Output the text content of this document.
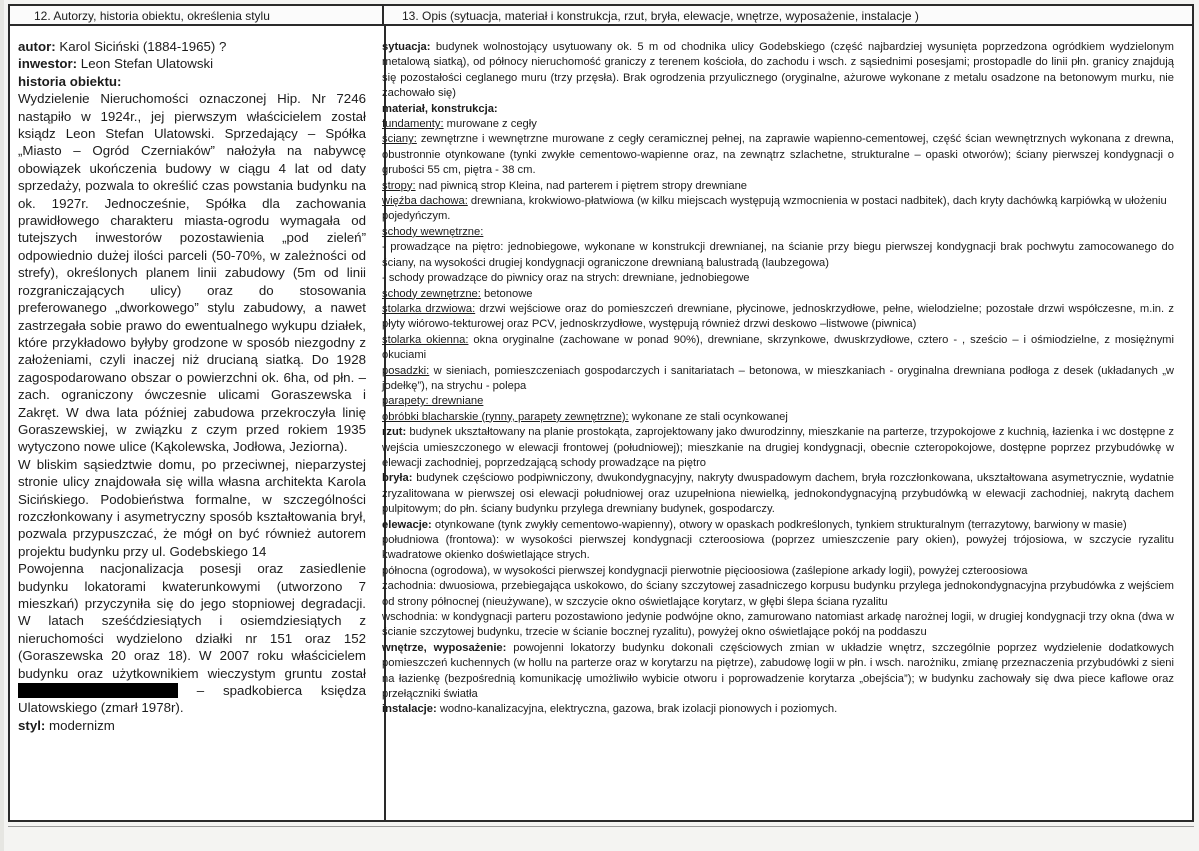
12. Autorzy, historia obiektu, określenia stylu	13. Opis (sytuacja, materiał i konstrukcja, rzut, bryła, elewacje, wnętrze, wyposażenie, instalacje )

autor: Karol Siciński (1884-1965) ?

inwestor: Leon Stefan Ulatowski

historia obiektu:

Wydzielenie Nieruchomości oznaczonej Hip. Nr 7246 nastąpiło w 1924r., jej pierwszym właścicielem został ksiądz Leon Stefan Ulatowski. Sprzedający – Spółka „Miasto – Ogród Czerniaków” nałożyła na nabywcę obowiązek ukończenia budowy w ciągu 4 lat od daty sprzedaży, pozwala to określić czas powstania budynku na ok. 1927r. Jednocześnie, Spółka dla zachowania prawidłowego charakteru miasta-ogrodu wymagała od tutejszych inwestorów pozostawienia „pod zieleń” odpowiednio dużej ilości parceli (50-70%, w zależności od strefy), określonych planem linii zabudowy (5m od linii rozgraniczających ulicy) oraz do stosowania preferowanego „dworkowego” stylu zabudowy, a nawet zastrzegała sobie prawo do ewentualnego wykupu działek, które przykładowo byłyby grodzone w sposób niezgodny z założeniami, czyli inaczej niż drucianą siatką. Do 1928 zagospodarowano obszar o powierzchni ok. 6ha, od płn. – zach. ograniczony ówczesnie ulicami Goraszewska i Zakręt. W dwa lata później zabudowa przekroczyła linię Goraszewskiej, w związku z czym przed rokiem 1935 wytyczono nowe ulice (Kąkolewska, Jodłowa, Jeziorna).

W bliskim sąsiedztwie domu, po przeciwnej, nieparzystej stronie ulicy znajdowała się willa własna architekta Karola Sicińskiego. Podobieństwa formalne, w szczególności rozczłonkowany i asymetryczny sposób kształtowania brył, pozwala przypuszczać, że mógł on być również autorem projektu budynku przy ul. Godebskiego 14

Powojenna nacjonalizacja posesji oraz zasiedlenie budynku lokatorami kwaterunkowymi (utworzono 7 mieszkań) przyczyniła się do jego stopniowej degradacji. W latach sześćdziesiątych i osiemdziesiątych z nieruchomości wydzielono działki nr 151 oraz 152 (Goraszewska 20 oraz 18). W 2007 roku właścicielem budynku oraz użytkownikiem wieczystym gruntu został  – spadkobierca księdza Ulatowskiego (zmarł 1978r).

styl: modernizm

sytuacja: budynek wolnostojący usytuowany ok. 5 m od chodnika ulicy Godebskiego (część najbardziej wysunięta poprzedzona ogródkiem wydzielonym metalową siatką), od północy nieruchomość graniczy z terenem kościoła, do zachodu i wsch. z sąsiednimi posesjami; prostopadle do linii płn. granicy znajdują się pozostałości ceglanego muru (trzy przęsła). Brak ogrodzenia przyulicznego (oryginalne, ażurowe wykonane z metalu osadzone na betonowym murku, nie zachowało się)

materiał, konstrukcja:

fundamenty: murowane z cegły

ściany: zewnętrzne i wewnętrzne murowane z cegły ceramicznej pełnej, na zaprawie wapienno-cementowej, część ścian wewnętrznych wykonana z drewna, obustronnie otynkowane (tynki zwykłe cementowo-wapienne oraz, na zewnątrz szlachetne, strukturalne – opaski otworów); ściany pierwszej kondygnacji o grubości 55 cm, piętra - 38 cm.

stropy: nad piwnicą strop Kleina, nad parterem i piętrem stropy drewniane

więźba dachowa: drewniana, krokwiowo-płatwiowa (w kilku miejscach występują wzmocnienia w postaci nadbitek), dach kryty dachówką karpiówką w ułożeniu pojedyńczym.

schody wewnętrzne:

- prowadzące na piętro: jednobiegowe, wykonane w konstrukcji drewnianej, na ścianie przy biegu pierwszej kondygnacji brak pochwytu zamocowanego do ściany, na wysokości drugiej kondygnacji ograniczone drewnianą balustradą (laubzegowa)

- schody prowadzące do piwnicy oraz na strych: drewniane, jednobiegowe

schody zewnętrzne: betonowe

stolarka drzwiowa: drzwi wejściowe oraz do pomieszczeń drewniane, płycinowe, jednoskrzydłowe, pełne, wielodzielne; pozostałe drzwi współczesne, m.in. z płyty wiórowo-tekturowej oraz PCV, jednoskrzydłowe, występują również drzwi deskowo –listwowe (piwnica)

stolarka okienna: okna oryginalne (zachowane w ponad 90%), drewniane, skrzynkowe, dwuskrzydłowe, cztero - , sześcio – i ośmiodzielne, z mosiężnymi okuciami

posadzki: w sieniach, pomieszczeniach gospodarczych i sanitariatach – betonowa, w mieszkaniach - oryginalna drewniana podłoga z desek (układanych „w jodełkę”), na strychu - polepa

parapety: drewniane

obróbki blacharskie (rynny, parapety zewnętrzne): wykonane ze stali ocynkowanej

rzut: budynek ukształtowany na planie prostokąta, zaprojektowany jako dwurodzinny, mieszkanie na parterze, trzypokojowe z kuchnią, łazienka i wc dostępne z wejścia umieszczonego w elewacji frontowej (południowej); mieszkanie na drugiej kondygnacji, obecnie czteropokojowe, dostępne poprzez przybudówkę w elewacji zachodniej, poprzedzającą schody prowadzące na piętro

bryła: budynek częściowo podpiwniczony, dwukondygnacyjny, nakryty dwuspadowym dachem, bryła rozczłonkowana, ukształtowana asymetrycznie, wydatnie zryzalitowana w pierwszej osi elewacji południowej oraz uzupełniona niewielką, jednokondygnacyjną przybudówką w elewacji zachodniej, nakrytą dachem pulpitowym; do płn. ściany budynku przylega drewniany budynek, gospodarczy.

elewacje: otynkowane (tynk zwykły cementowo-wapienny), otwory w opaskach podkreślonych, tynkiem strukturalnym (terrazytowy, barwiony w masie)

południowa (frontowa): w wysokości pierwszej kondygnacji czteroosiowa (poprzez umieszczenie pary okien), powyżej trójosiowa, w szczycie ryzalitu kwadratowe okienko doświetlające strych.

północna (ogrodowa), w wysokości pierwszej kondygnacji pierwotnie pięcioosiowa (zaślepione arkady logii), powyżej czteroosiowa

zachodnia: dwuosiowa, przebiegająca uskokowo, do ściany szczytowej zasadniczego korpusu budynku przylega jednokondygnacyjna przybudówka z wejściem od strony północnej (nieużywane), w szczycie okno oświetlające korytarz, w głębi ślepa ściana ryzalitu

wschodnia: w kondygnacji parteru pozostawiono jedynie podwójne okno, zamurowano natomiast arkadę narożnej logii, w drugiej kondygnacji trzy okna (dwa w ścianie szczytowej budynku, trzecie w ścianie bocznej ryzalitu), powyżej okno oświetlające pokój na poddaszu

wnętrze, wyposażenie: powojenni lokatorzy budynku dokonali częściowych zmian w układzie wnętrz, szczególnie poprzez wydzielenie dodatkowych pomieszczeń kuchennych (w hollu na parterze oraz w korytarzu na piętrze), zabudowę logii w płn. i wsch. narożniku, zmianę przeznaczenia przybudówki z sieni na łazienkę (bezpośrednią komunikację umożliwiło wybicie otworu i poprowadzenie korytarza „obejścia”); w budynku zachowały się dwa piece kaflowe oraz przełączniki światła

instalacje: wodno-kanalizacyjna, elektryczna, gazowa, brak izolacji pionowych i poziomych.
